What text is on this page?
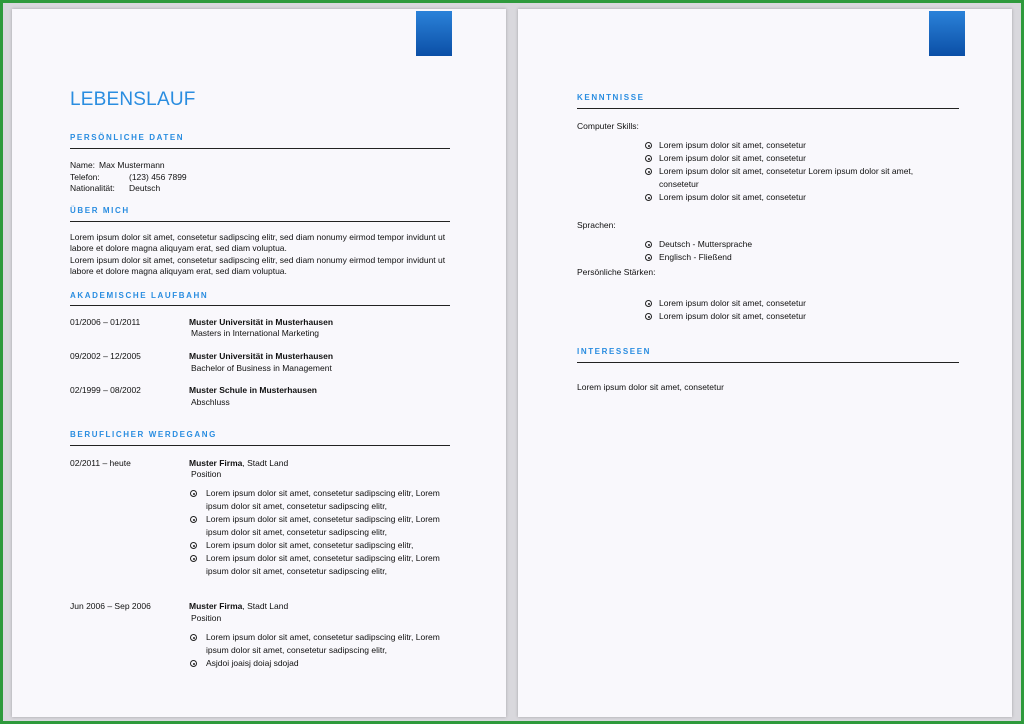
LEBENSLAUF
PERSÖNLICHE DATEN
Name: Max Mustermann
Telefon:	(123) 456 7899
Nationalität: Deutsch
ÜBER MICH
Lorem ipsum dolor sit amet, consetetur sadipscing elitr, sed diam nonumy eirmod tempor invidunt ut
labore et dolore magna aliquyam erat, sed diam voluptua.
Lorem ipsum dolor sit amet, consetetur sadipscing elitr, sed diam nonumy eirmod tempor invidunt ut
labore et dolore magna aliquyam erat, sed diam voluptua.
AKADEMISCHE LAUFBAHN
01/2006 – 01/2011	Muster Universität in Musterhausen
Masters in International Marketing
09/2002 – 12/2005	Muster Universität in Musterhausen
Bachelor of Business in Management
02/1999 – 08/2002	Muster Schule in Musterhausen
Abschluss
BERUFLICHER WERDEGANG
02/2011 – heute	Muster Firma, Stadt Land
Position
Lorem ipsum dolor sit amet, consetetur sadipscing elitr, Lorem
ipsum dolor sit amet, consetetur sadipscing elitr,
Lorem ipsum dolor sit amet, consetetur sadipscing elitr, Lorem
ipsum dolor sit amet, consetetur sadipscing elitr,
Lorem ipsum dolor sit amet, consetetur sadipscing elitr,
Lorem ipsum dolor sit amet, consetetur sadipscing elitr, Lorem
ipsum dolor sit amet, consetetur sadipscing elitr,
Jun 2006 – Sep 2006	Muster Firma, Stadt Land
Position
Lorem ipsum dolor sit amet, consetetur sadipscing elitr, Lorem
ipsum dolor sit amet, consetetur sadipscing elitr,
Asjdoi joaisj doiaj sdojad
KENNTNISSE
Computer Skills:
Lorem ipsum dolor sit amet, consetetur
Lorem ipsum dolor sit amet, consetetur
Lorem ipsum dolor sit amet, consetetur Lorem ipsum dolor sit amet,
consetetur
Lorem ipsum dolor sit amet, consetetur
Sprachen:
Deutsch - Muttersprache
Englisch - Fließend
Persönliche Stärken:
Lorem ipsum dolor sit amet, consetetur
Lorem ipsum dolor sit amet, consetetur
INTERESSEEN
Lorem ipsum dolor sit amet, consetetur
